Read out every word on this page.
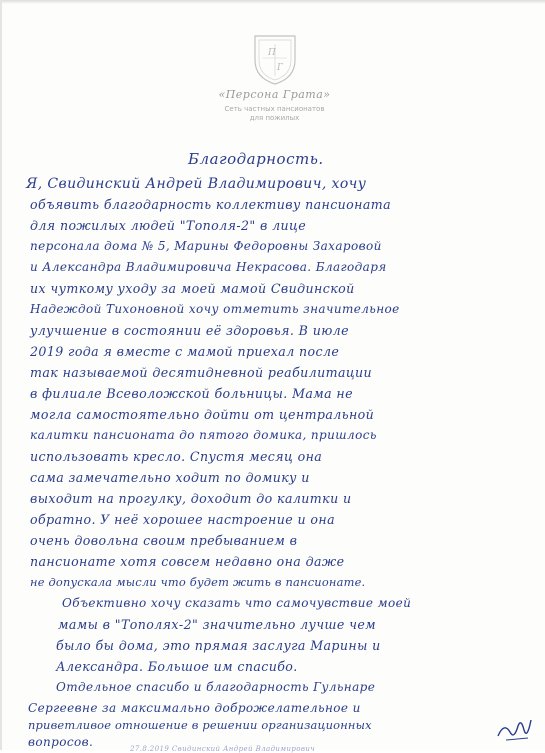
П
Г
«Персона Грата»
Сеть частных пансионатов
для пожилых
Благодарность.
Я, Свидинский Андрей Владимирович, хочу
объявить благодарность коллективу пансионата
для пожилых людей "Тополя-2" в лице
персонала дома № 5, Марины Федоровны Захаровой
и Александра Владимировича Некрасова. Благодаря
их чуткому уходу за моей мамой Свидинской
Надеждой Тихоновной хочу отметить значительное
улучшение в состоянии её здоровья. В июле
2019 года я вместе с мамой приехал после
так называемой десятидневной реабилитации
в филиале Всеволожской больницы. Мама не
могла самостоятельно дойти от центральной
калитки пансионата до пятого домика, пришлось
использовать кресло. Спустя месяц она
сама замечательно ходит по домику и
выходит на прогулку, доходит до калитки и
обратно. У неё хорошее настроение и она
очень довольна своим пребыванием в
пансионате хотя совсем недавно она даже
не допускала мысли что будет жить в пансионате.
Объективно хочу сказать что самочувствие моей
мамы в "Тополях-2" значительно лучше чем
было бы дома, это прямая заслуга Марины и
Александра. Большое им спасибо.
Отдельное спасибо и благодарность Гульнаре
Сергеевне за максимально доброжелательное и
приветливое отношение в решении организационных
вопросов.	27.8.2019 Свидинский Андрей Владимирович
